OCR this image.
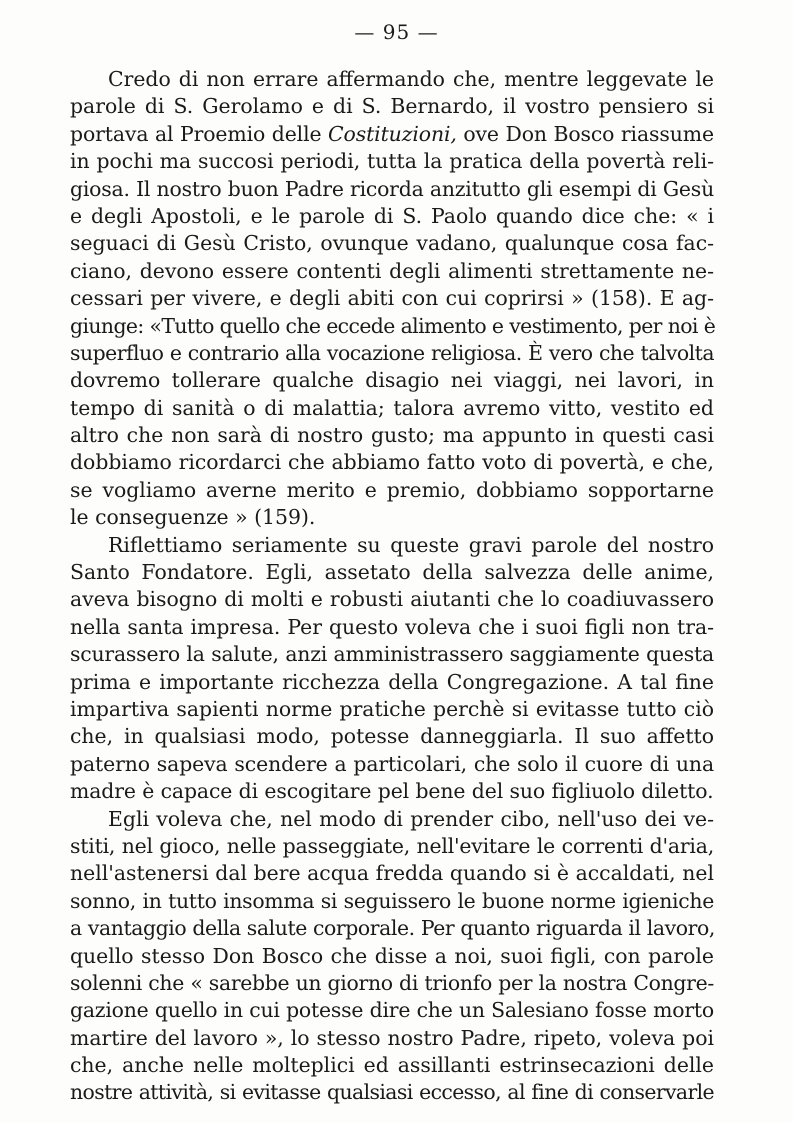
— 95 —
Credo di non errare affermando che, mentre leggevate le
parole di S. Gerolamo e di S. Bernardo, il vostro pensiero si
portava al Proemio delle Costituzioni, ove Don Bosco riassume
in pochi ma succosi periodi, tutta la pratica della povertà reli-
giosa. Il nostro buon Padre ricorda anzitutto gli esempi di Gesù
e degli Apostoli, e le parole di S. Paolo quando dice che: « i
seguaci di Gesù Cristo, ovunque vadano, qualunque cosa fac-
ciano, devono essere contenti degli alimenti strettamente ne-
cessari per vivere, e degli abiti con cui coprirsi » (158). E ag-
giunge: «Tutto quello che eccede alimento e vestimento, per noi è
superfluo e contrario alla vocazione religiosa. È vero che talvolta
dovremo tollerare qualche disagio nei viaggi, nei lavori, in
tempo di sanità o di malattia; talora avremo vitto, vestito ed
altro che non sarà di nostro gusto; ma appunto in questi casi
dobbiamo ricordarci che abbiamo fatto voto di povertà, e che,
se vogliamo averne merito e premio, dobbiamo sopportarne
le conseguenze » (159).
Riflettiamo seriamente su queste gravi parole del nostro
Santo Fondatore. Egli, assetato della salvezza delle anime,
aveva bisogno di molti e robusti aiutanti che lo coadiuvassero
nella santa impresa. Per questo voleva che i suoi figli non tra-
scurassero la salute, anzi amministrassero saggiamente questa
prima e importante ricchezza della Congregazione. A tal fine
impartiva sapienti norme pratiche perchè si evitasse tutto ciò
che, in qualsiasi modo, potesse danneggiarla. Il suo affetto
paterno sapeva scendere a particolari, che solo il cuore di una
madre è capace di escogitare pel bene del suo figliuolo diletto.
Egli voleva che, nel modo di prender cibo, nell'uso dei ve-
stiti, nel gioco, nelle passeggiate, nell'evitare le correnti d'aria,
nell'astenersi dal bere acqua fredda quando si è accaldati, nel
sonno, in tutto insomma si seguissero le buone norme igieniche
a vantaggio della salute corporale. Per quanto riguarda il lavoro,
quello stesso Don Bosco che disse a noi, suoi figli, con parole
solenni che « sarebbe un giorno di trionfo per la nostra Congre-
gazione quello in cui potesse dire che un Salesiano fosse morto
martire del lavoro », lo stesso nostro Padre, ripeto, voleva poi
che, anche nelle molteplici ed assillanti estrinsecazioni delle
nostre attività, si evitasse qualsiasi eccesso, al fine di conservarle
